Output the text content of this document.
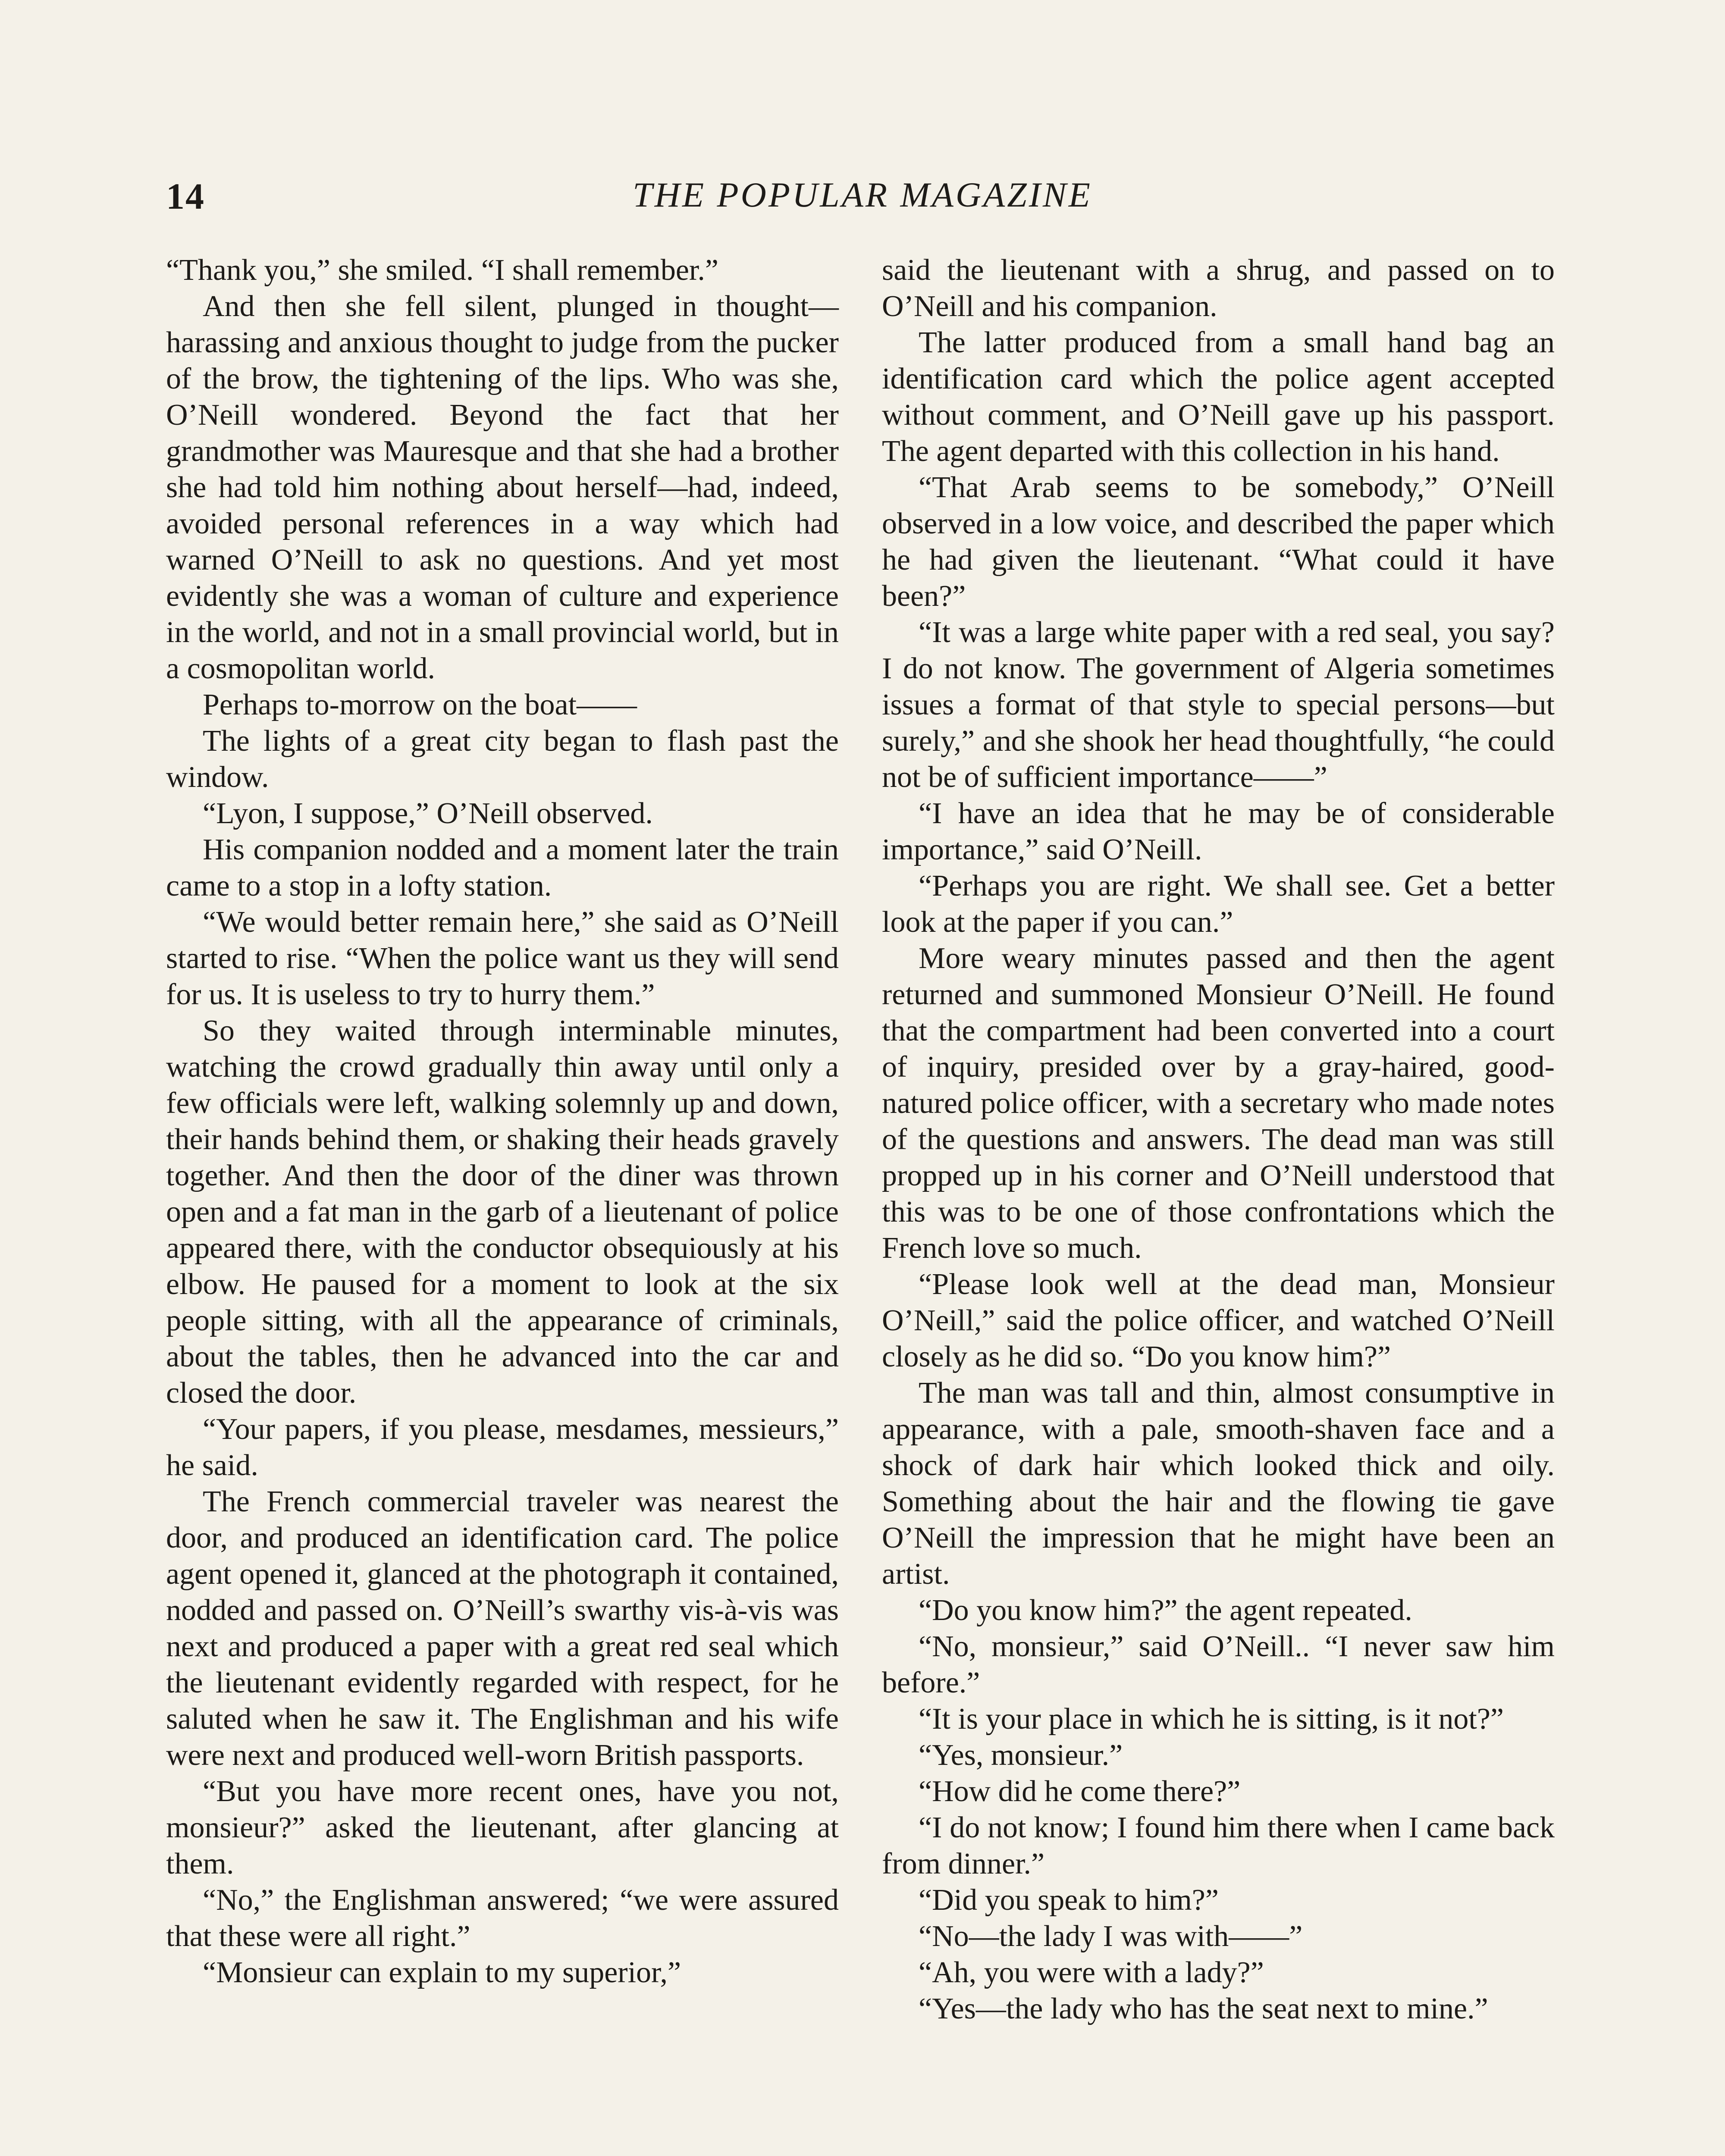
14	THE POPULAR MAGAZINE

“Thank you,” she smiled. “I shall remember.”

And then she fell silent, plunged in thought—harassing and anxious thought to judge from the pucker of the brow, the tightening of the lips. Who was she, O’Neill wondered. Beyond the fact that her grandmother was Mauresque and that she had a brother she had told him nothing about herself—had, indeed, avoided personal references in a way which had warned O’Neill to ask no questions. And yet most evidently she was a woman of culture and experience in the world, and not in a small provincial world, but in a cosmopolitan world.

Perhaps to-morrow on the boat——

The lights of a great city began to flash past the window.

“Lyon, I suppose,” O’Neill observed.

His companion nodded and a moment later the train came to a stop in a lofty station.

“We would better remain here,” she said as O’Neill started to rise. “When the police want us they will send for us. It is useless to try to hurry them.”

So they waited through interminable minutes, watching the crowd gradually thin away until only a few officials were left, walking solemnly up and down, their hands behind them, or shaking their heads gravely together. And then the door of the diner was thrown open and a fat man in the garb of a lieutenant of police appeared there, with the conductor obsequiously at his elbow. He paused for a moment to look at the six people sitting, with all the appearance of criminals, about the tables, then he advanced into the car and closed the door.

“Your papers, if you please, mesdames, messieurs,” he said.

The French commercial traveler was nearest the door, and produced an identification card. The police agent opened it, glanced at the photograph it contained, nodded and passed on. O’Neill’s swarthy vis-à-vis was next and produced a paper with a great red seal which the lieutenant evidently regarded with respect, for he saluted when he saw it. The Englishman and his wife were next and produced well-worn British passports.

“But you have more recent ones, have you not, monsieur?” asked the lieutenant, after glancing at them.

“No,” the Englishman answered; “we were assured that these were all right.”

“Monsieur can explain to my superior,”

said the lieutenant with a shrug, and passed on to O’Neill and his companion.

The latter produced from a small hand bag an identification card which the police agent accepted without comment, and O’Neill gave up his passport. The agent departed with this collection in his hand.

“That Arab seems to be somebody,” O’Neill observed in a low voice, and described the paper which he had given the lieutenant. “What could it have been?”

“It was a large white paper with a red seal, you say? I do not know. The government of Algeria sometimes issues a format of that style to special persons—but surely,” and she shook her head thoughtfully, “he could not be of sufficient importance——”

“I have an idea that he may be of considerable importance,” said O’Neill.

“Perhaps you are right. We shall see. Get a better look at the paper if you can.”

More weary minutes passed and then the agent returned and summoned Monsieur O’Neill. He found that the compartment had been converted into a court of inquiry, presided over by a gray-haired, good-natured police officer, with a secretary who made notes of the questions and answers. The dead man was still propped up in his corner and O’Neill understood that this was to be one of those confrontations which the French love so much.

“Please look well at the dead man, Monsieur O’Neill,” said the police officer, and watched O’Neill closely as he did so. “Do you know him?”

The man was tall and thin, almost consumptive in appearance, with a pale, smooth-shaven face and a shock of dark hair which looked thick and oily. Something about the hair and the flowing tie gave O’Neill the impression that he might have been an artist.

“Do you know him?” the agent repeated.

“No, monsieur,” said O’Neill.. “I never saw him before.”

“It is your place in which he is sitting, is it not?”

“Yes, monsieur.”

“How did he come there?”

“I do not know; I found him there when I came back from dinner.”

“Did you speak to him?”

“No—the lady I was with——”

“Ah, you were with a lady?”

“Yes—the lady who has the seat next to mine.”
